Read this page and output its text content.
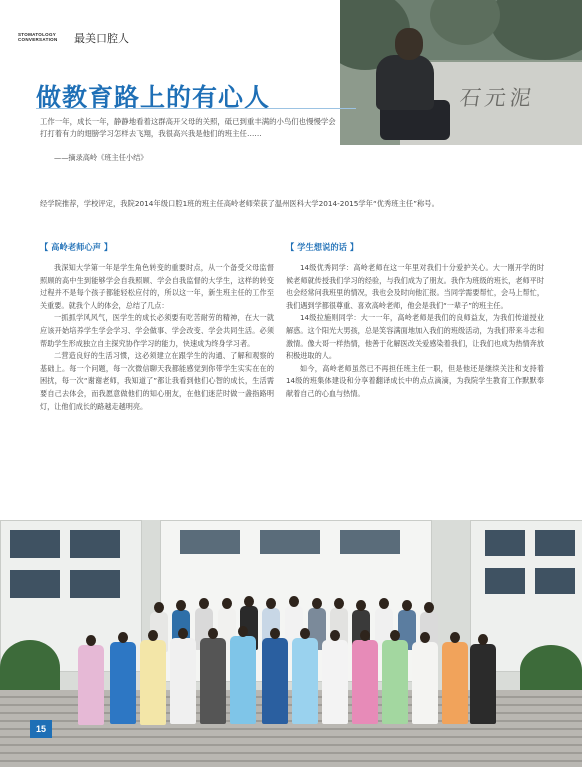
STOMATOLOGY CONVERSATION	最美口腔人
石元泥
做教育路上的有心人
工作一年，成长一年，静静地看着这群高开父母的关照，砥已到重丰满的小鸟们也慢慢学会打打着有力的翅膀学习怎样去飞翔，我很高兴我是他们的班主任……
——摘录高岭《班主任小结》
经学院推荐，学校评定，我院2014年级口腔1班的班主任高岭老师荣获了温州医科大学2014-2015学年“优秀班主任”称号。
【 高岭老师心声 】	【 学生想说的话 】

我深知大学第一年是学生角色转变的重要时点，从一个备受父母监督照顾的高中生到能够学会自我照顾、学会自我监督的大学生，这样的转变过程并不是每个孩子都能轻松应付的，所以这一年，新生班主任的工作至关重要。就我个人的体会，总结了几点：

一抓抓学风风气，医学生的成长必须要有吃苦耐劳的精神，在大一就应该开始培养学生学会学习、学会做事、学会改变、学会共同生活。必须帮助学生形成独立自主探究协作学习的能力，快速成为终身学习者。

二营造良好的生活习惯，这必须建立在跟学生的沟通、了解和观察的基础上。每一个问题，每一次微信聊天我都能感觉到你带学生实实在在的困扰，每一次“谢谢老师，我知道了”都让我看到他们心智的成长，生活需要自己去体会，而我愿意做他们的知心朋友，在他们迷茫时做一盏指路明灯，让他们成长的路越走越明亮。

14级优秀同学：高岭老师在这一年里对我们十分爱护关心。大一刚开学的时候老师就传授我们学习的经验，与我们成为了朋友。我作为班级的班长，老师平时也会经常问我班里的情况，我也会及时向他汇报。当同学需要帮忙，会马上帮忙，我们遇到学都很尊重、喜欢高岭老师，他会是我们“一辈子”的班主任。

14级拉施则同学：大一一年，高岭老师是我们的良师益友，为我们传道授业解惑。这个阳光大男孩，总是笑容满面地加入我们的班级活动，为我们带来斗志和激情。像大哥一样热情，他善于化解医改关爱感染着我们，让我们也成为热情奔放积极进取的人。

如今，高岭老师虽然已不再担任班主任一职，但是他还是继续关注和支持着14级的班集体建设和分享着翻译成长中的点点滴滴，为我院学生教育工作默默奉献着自己的心血与热情。

15
